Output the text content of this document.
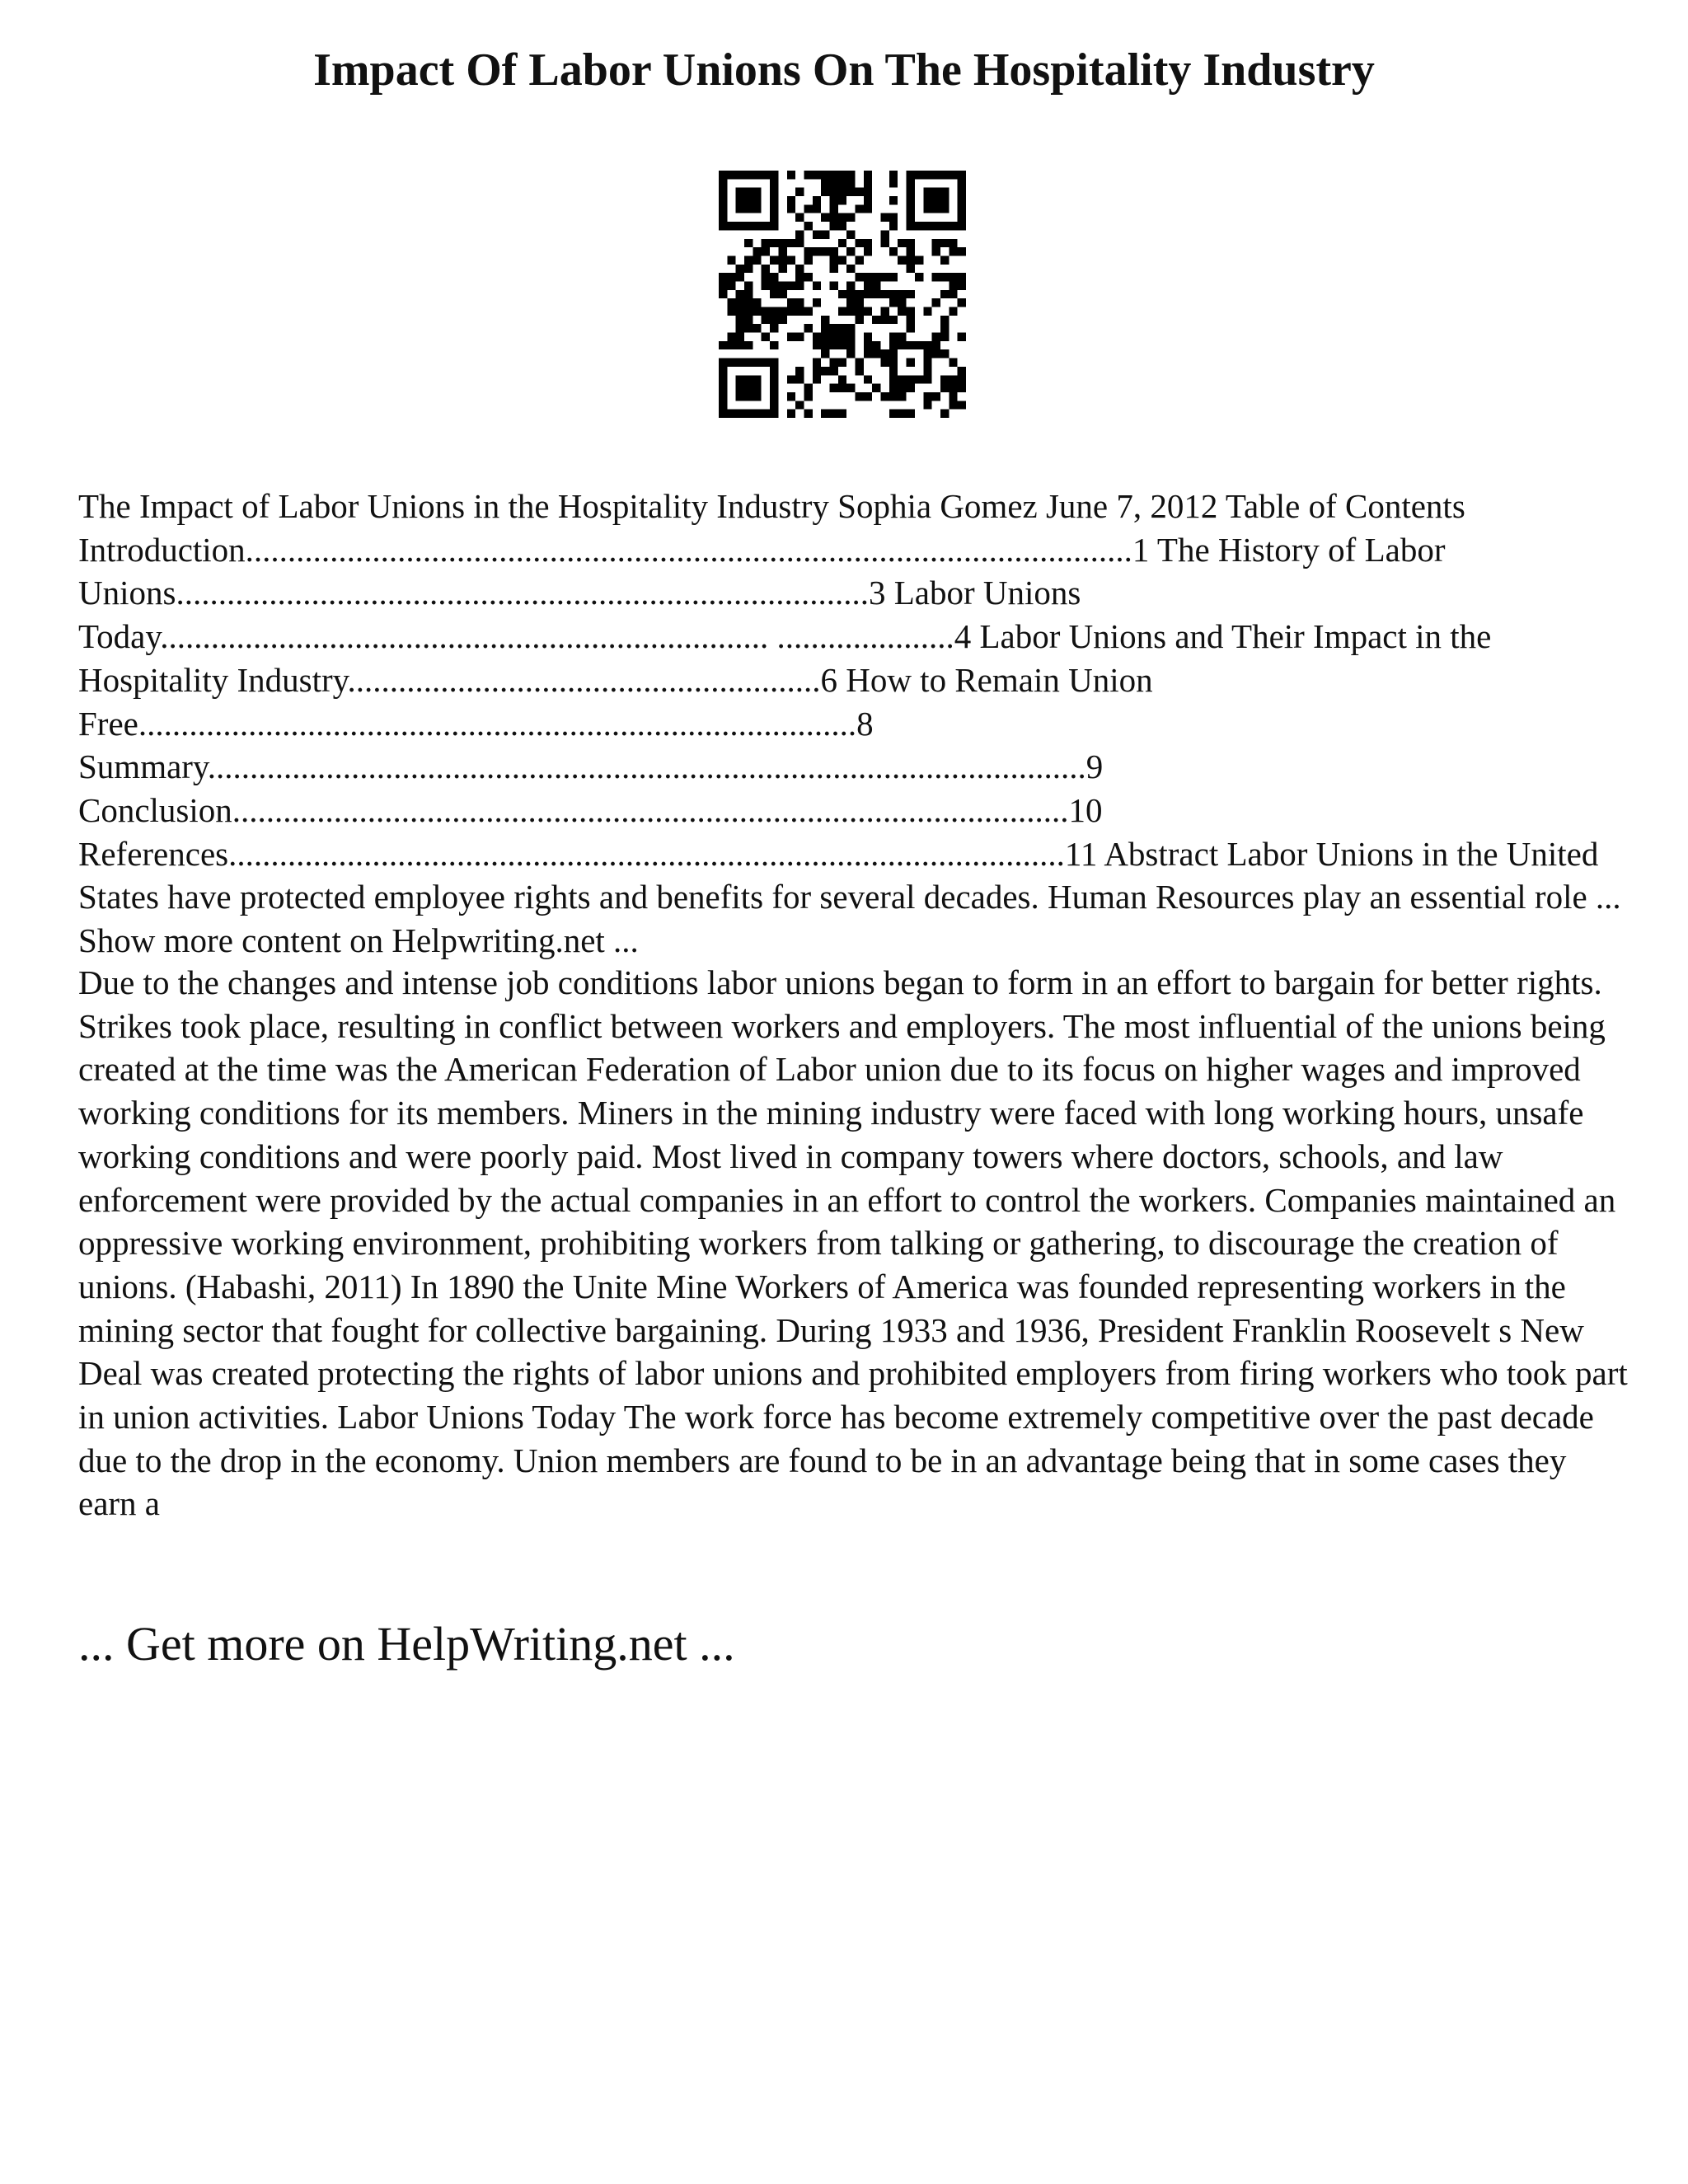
Impact Of Labor Unions On The Hospitality Industry

The Impact of Labor Unions in the Hospitality Industry Sophia Gomez June 7, 2012 Table of Contents Introduction.........................................................................................................1 The History of Labor Unions..................................................................................3 Labor Unions Today........................................................................ .....................4 Labor Unions and Their Impact in the Hospitality Industry........................................................6 How to Remain Union Free.....................................................................................8 Summary........................................................................................................9 Conclusion...................................................................................................10 References...................................................................................................11 Abstract Labor Unions in the United States have protected employee rights and benefits for several decades. Human Resources play an essential role ... Show more content on Helpwriting.net ...

Due to the changes and intense job conditions labor unions began to form in an effort to bargain for better rights. Strikes took place, resulting in conflict between workers and employers. The most influential of the unions being created at the time was the American Federation of Labor union due to its focus on higher wages and improved working conditions for its members. Miners in the mining industry were faced with long working hours, unsafe working conditions and were poorly paid. Most lived in company towers where doctors, schools, and law enforcement were provided by the actual companies in an effort to control the workers. Companies maintained an oppressive working environment, prohibiting workers from talking or gathering, to discourage the creation of unions. (Habashi, 2011) In 1890 the Unite Mine Workers of America was founded representing workers in the mining sector that fought for collective bargaining. During 1933 and 1936, President Franklin Roosevelt s New Deal was created protecting the rights of labor unions and prohibited employers from firing workers who took part in union activities. Labor Unions Today The work force has become extremely competitive over the past decade due to the drop in the economy. Union members are found to be in an advantage being that in some cases they earn a

... Get more on HelpWriting.net ...
